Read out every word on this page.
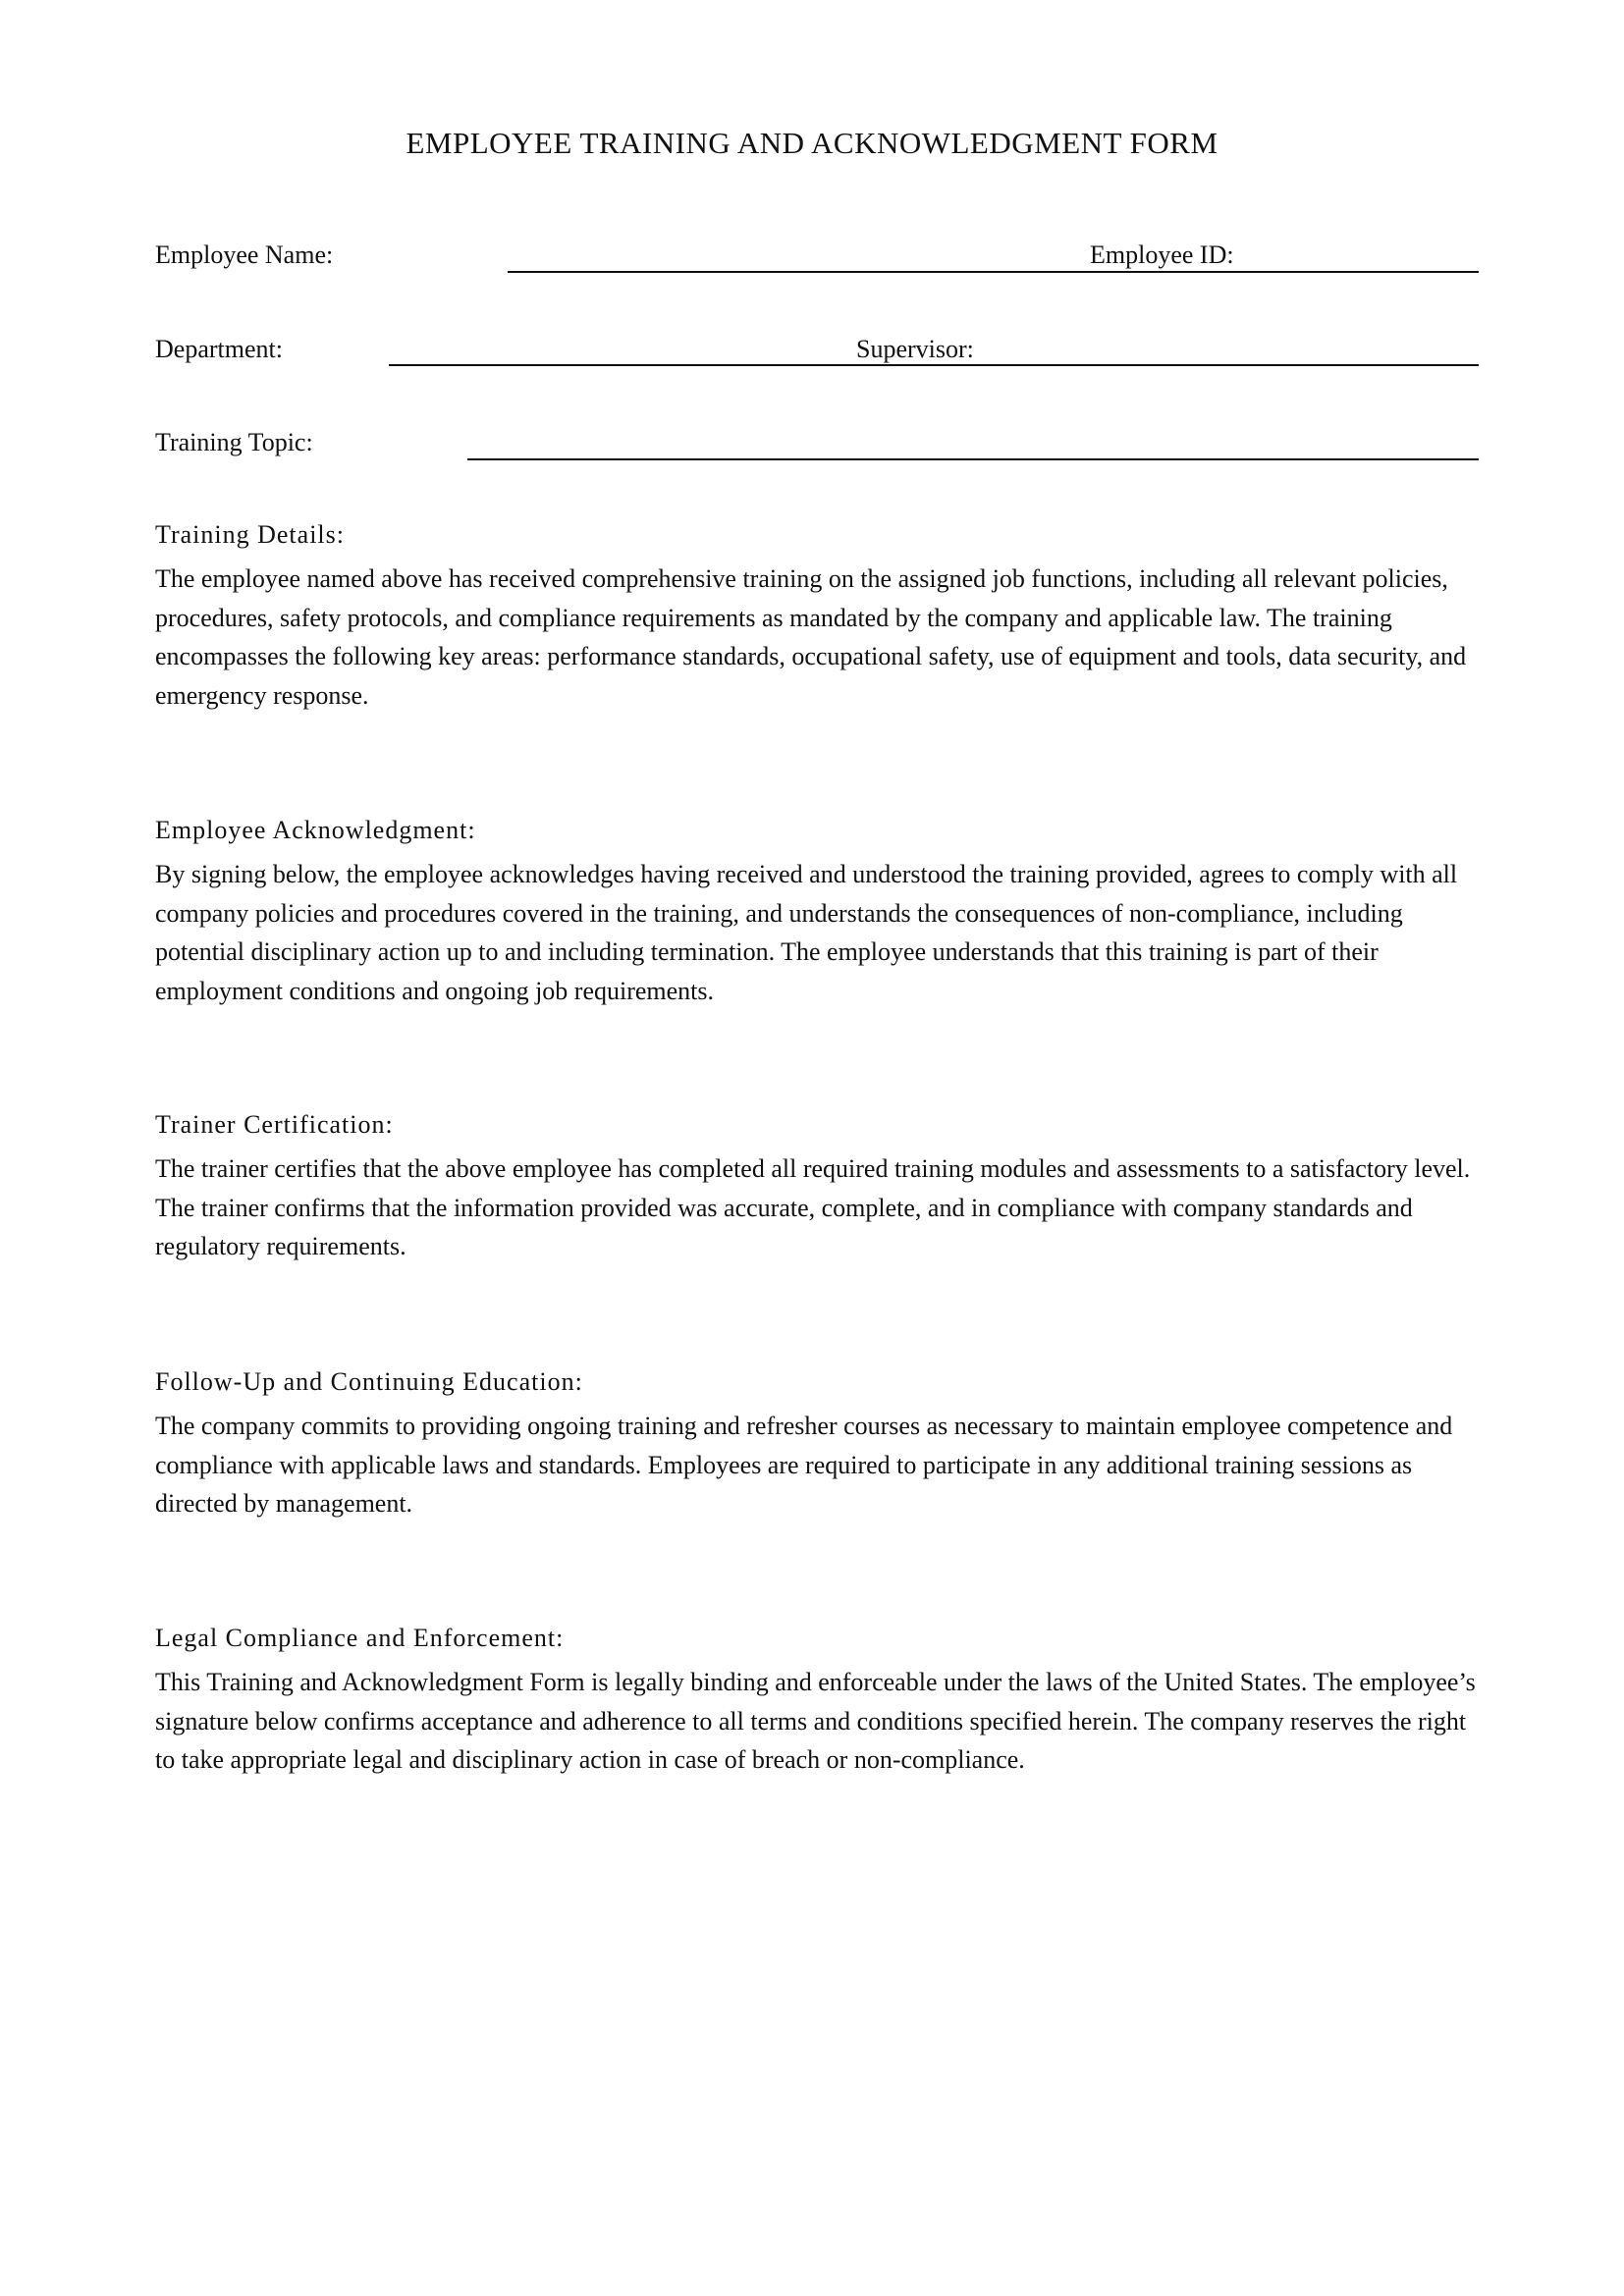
EMPLOYEE TRAINING AND ACKNOWLEDGMENT FORM
Employee Name:	Employee ID:
Department:	Supervisor:
Training Topic:
Training Details:

The employee named above has received comprehensive training on the assigned job functions, including all relevant policies, procedures, safety protocols, and compliance requirements as mandated by the company and applicable law. The training encompasses the following key areas: performance standards, occupational safety, use of equipment and tools, data security, and emergency response.

Employee Acknowledgment:

By signing below, the employee acknowledges having received and understood the training provided, agrees to comply with all company policies and procedures covered in the training, and understands the consequences of non-compliance, including potential disciplinary action up to and including termination. The employee understands that this training is part of their employment conditions and ongoing job requirements.

Trainer Certification:

The trainer certifies that the above employee has completed all required training modules and assessments to a satisfactory level. The trainer confirms that the information provided was accurate, complete, and in compliance with company standards and regulatory requirements.

Follow-Up and Continuing Education:

The company commits to providing ongoing training and refresher courses as necessary to maintain employee competence and compliance with applicable laws and standards. Employees are required to participate in any additional training sessions as directed by management.

Legal Compliance and Enforcement:

This Training and Acknowledgment Form is legally binding and enforceable under the laws of the United States. The employee’s signature below confirms acceptance and adherence to all terms and conditions specified herein. The company reserves the right to take appropriate legal and disciplinary action in case of breach or non-compliance.
